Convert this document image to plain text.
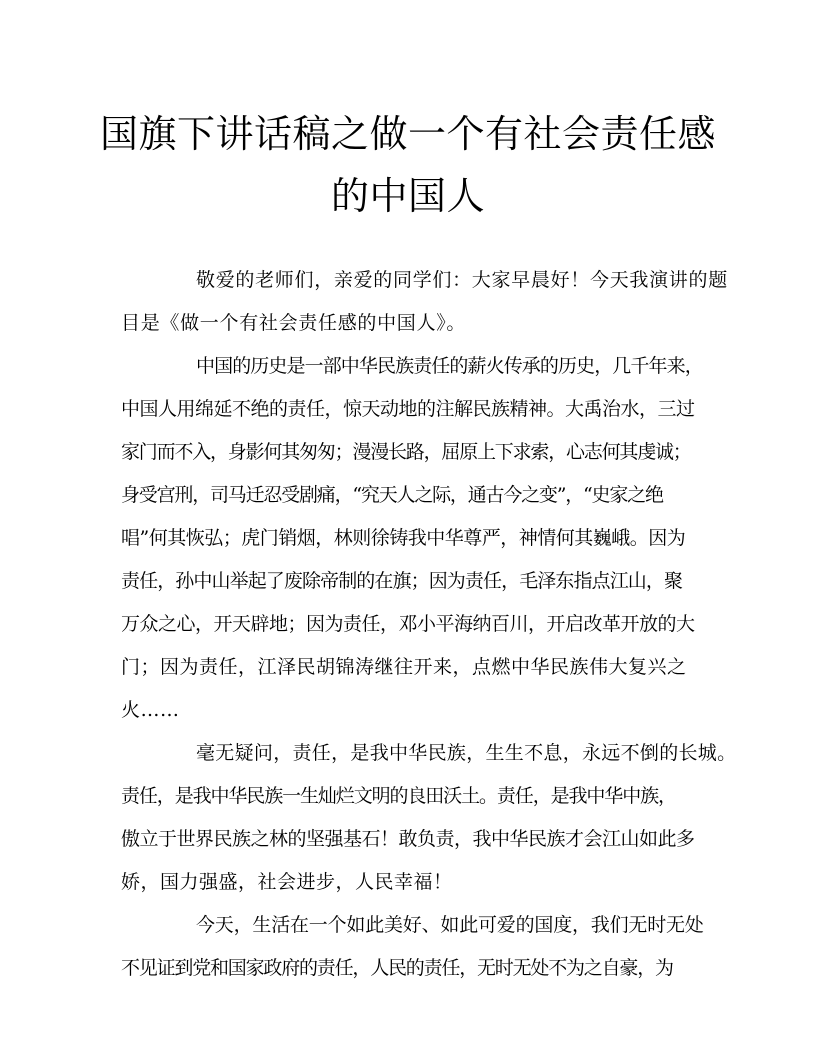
国旗下讲话稿之做一个有社会责任感
的中国人

敬爱的老师们，亲爱的同学们：大家早晨好！今天我演讲的题

目是《做一个有社会责任感的中国人》。

中国的历史是一部中华民族责任的薪火传承的历史，几千年来，

中国人用绵延不绝的责任，惊天动地的注解民族精神。大禹治水，三过

家门而不入，身影何其匆匆；漫漫长路，屈原上下求索，心志何其虔诚；

身受宫刑，司马迁忍受剧痛，“究天人之际，通古今之变”，“史家之绝

唱”何其恢弘；虎门销烟，林则徐铸我中华尊严，神情何其巍峨。因为

责任，孙中山举起了废除帝制的在旗；因为责任，毛泽东指点江山，聚

万众之心，开天辟地；因为责任，邓小平海纳百川，开启改革开放的大

门；因为责任，江泽民胡锦涛继往开来，点燃中华民族伟大复兴之

火……

毫无疑问，责任，是我中华民族，生生不息，永远不倒的长城。

责任，是我中华民族一生灿烂文明的良田沃土。责任，是我中华中族，

傲立于世界民族之林的坚强基石！敢负责，我中华民族才会江山如此多

娇，国力强盛，社会进步，人民幸福！

今天，生活在一个如此美好、如此可爱的国度，我们无时无处

不见证到党和国家政府的责任，人民的责任，无时无处不为之自豪，为
